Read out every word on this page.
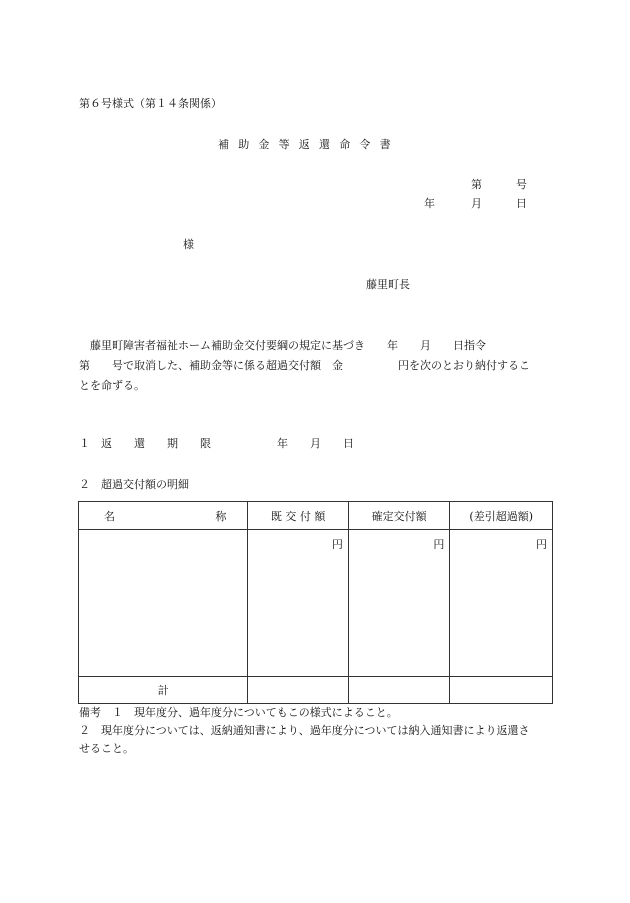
第６号様式（第１４条関係）
補助金等返還命令書
第	号
年	月	日
様
藤里町長
　藤里町障害者福祉ホーム補助金交付要綱の規定に基づき　　年　　月　　日指令
第　　号で取消した、補助金等に係る超過交付額　金　　　　　円を次のとおり納付するこ
とを命ずる。
１　返　　還　　期　　限　　　　　　年　　月　　日
２　超過交付額の明細
名 称	既 交 付 額	確定交付額	(差引超過額)
	円	円	円

計			

備考　１　現年度分、過年度分についてもこの様式によること。
２　現年度分については、返納通知書により、過年度分については納入通知書により返還さ
せること。
